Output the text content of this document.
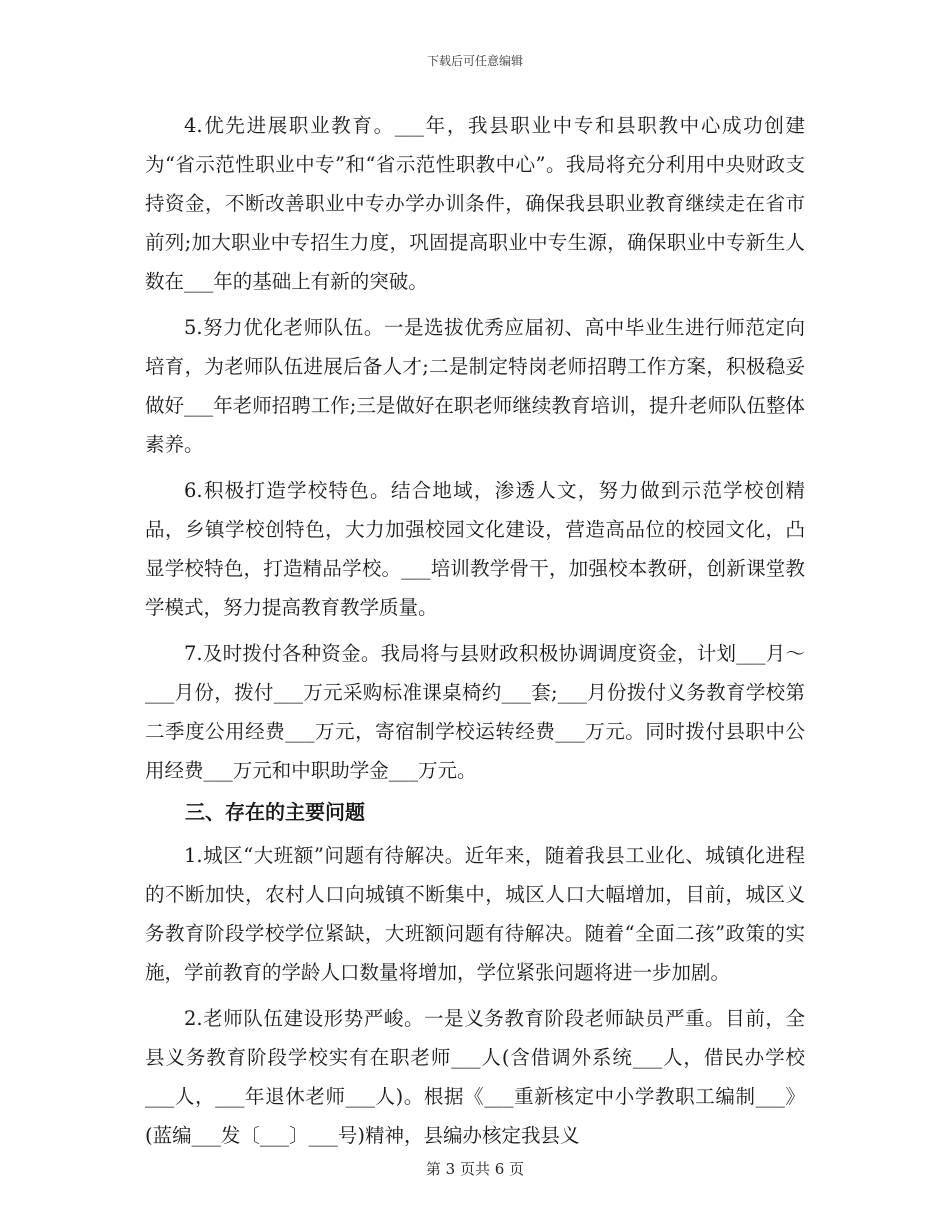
下载后可任意编辑

4.优先进展职业教育。___年，我县职业中专和县职教中心成功创建为“省示范性职业中专”和“省示范性职教中心”。我局将充分利用中央财政支持资金，不断改善职业中专办学办训条件，确保我县职业教育继续走在省市前列;加大职业中专招生力度，巩固提高职业中专生源，确保职业中专新生人数在___年的基础上有新的突破。

5.努力优化老师队伍。一是选拔优秀应届初、高中毕业生进行师范定向培育，为老师队伍进展后备人才;二是制定特岗老师招聘工作方案，积极稳妥做好___年老师招聘工作;三是做好在职老师继续教育培训，提升老师队伍整体素养。

6.积极打造学校特色。结合地域，渗透人文，努力做到示范学校创精品，乡镇学校创特色，大力加强校园文化建设，营造高品位的校园文化，凸显学校特色，打造精品学校。___培训教学骨干，加强校本教研，创新课堂教学模式，努力提高教育教学质量。

7.及时拨付各种资金。我局将与县财政积极协调调度资金，计划___月～___月份，拨付___万元采购标准课桌椅约___套;___月份拨付义务教育学校第二季度公用经费___万元，寄宿制学校运转经费___万元。同时拨付县职中公用经费___万元和中职助学金___万元。

三、存在的主要问题

1.城区“大班额”问题有待解决。近年来，随着我县工业化、城镇化进程的不断加快，农村人口向城镇不断集中，城区人口大幅增加，目前，城区义务教育阶段学校学位紧缺，大班额问题有待解决。随着“全面二孩”政策的实施，学前教育的学龄人口数量将增加，学位紧张问题将进一步加剧。

2.老师队伍建设形势严峻。一是义务教育阶段老师缺员严重。目前，全县义务教育阶段学校实有在职老师___人(含借调外系统___人，借民办学校___人，___年退休老师___人)。根据《___重新核定中小学教职工编制___》(蓝编___发〔___〕___号)精神，县编办核定我县义

第 3 页共 6 页
